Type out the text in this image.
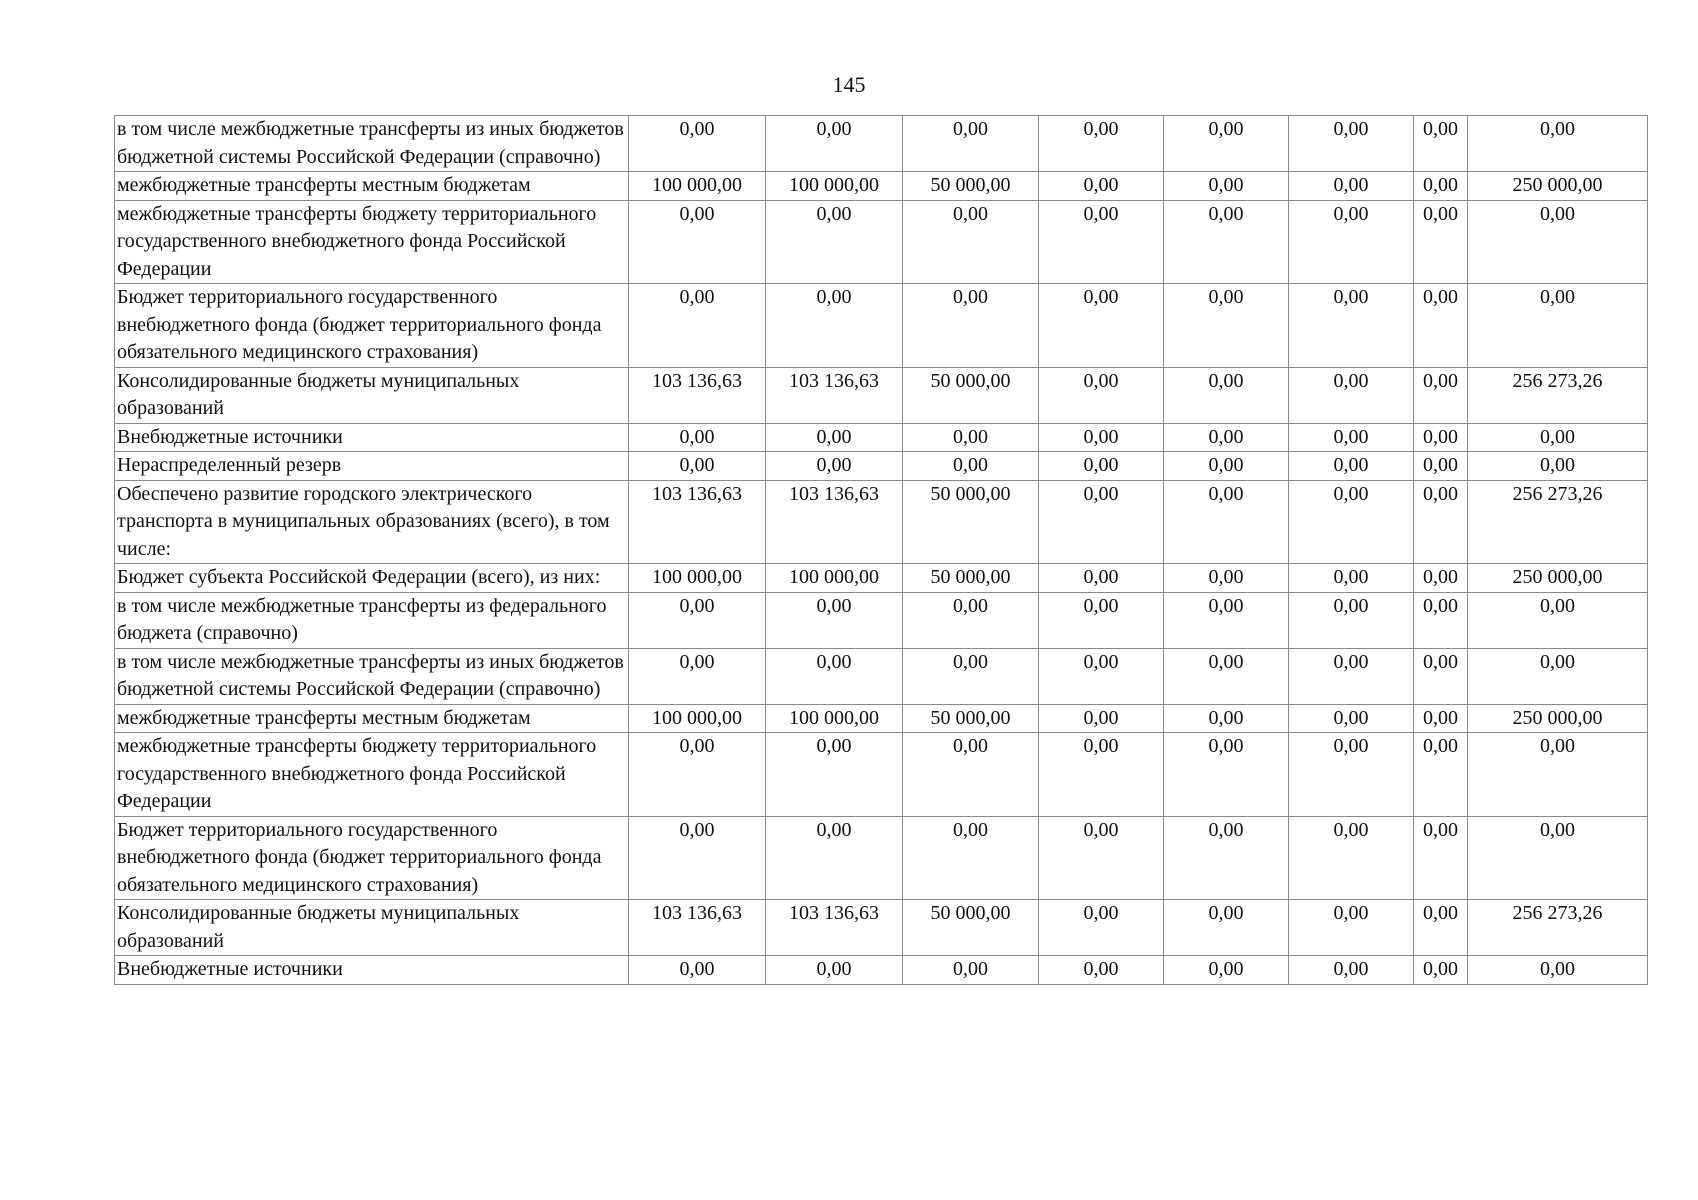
145
в том числе межбюджетные трансферты из иных бюджетов бюджетной системы Российской Федерации (справочно)	0,00	0,00	0,00	0,00	0,00	0,00	0,00	0,00
межбюджетные трансферты местным бюджетам	100 000,00	100 000,00	50 000,00	0,00	0,00	0,00	0,00	250 000,00
межбюджетные трансферты бюджету территориального государственного внебюджетного фонда Российской Федерации	0,00	0,00	0,00	0,00	0,00	0,00	0,00	0,00
Бюджет территориального государственного внебюджетного фонда (бюджет территориального фонда обязательного медицинского страхования)	0,00	0,00	0,00	0,00	0,00	0,00	0,00	0,00
Консолидированные бюджеты муниципальных образований	103 136,63	103 136,63	50 000,00	0,00	0,00	0,00	0,00	256 273,26
Внебюджетные источники	0,00	0,00	0,00	0,00	0,00	0,00	0,00	0,00
Нераспределенный резерв	0,00	0,00	0,00	0,00	0,00	0,00	0,00	0,00
Обеспечено развитие городского электрического транспорта в муниципальных образованиях (всего), в том числе:	103 136,63	103 136,63	50 000,00	0,00	0,00	0,00	0,00	256 273,26
Бюджет субъекта Российской Федерации (всего), из них:	100 000,00	100 000,00	50 000,00	0,00	0,00	0,00	0,00	250 000,00
в том числе межбюджетные трансферты из федерального бюджета (справочно)	0,00	0,00	0,00	0,00	0,00	0,00	0,00	0,00
в том числе межбюджетные трансферты из иных бюджетов бюджетной системы Российской Федерации (справочно)	0,00	0,00	0,00	0,00	0,00	0,00	0,00	0,00
межбюджетные трансферты местным бюджетам	100 000,00	100 000,00	50 000,00	0,00	0,00	0,00	0,00	250 000,00
межбюджетные трансферты бюджету территориального государственного внебюджетного фонда Российской Федерации	0,00	0,00	0,00	0,00	0,00	0,00	0,00	0,00
Бюджет территориального государственного внебюджетного фонда (бюджет территориального фонда обязательного медицинского страхования)	0,00	0,00	0,00	0,00	0,00	0,00	0,00	0,00
Консолидированные бюджеты муниципальных образований	103 136,63	103 136,63	50 000,00	0,00	0,00	0,00	0,00	256 273,26
Внебюджетные источники	0,00	0,00	0,00	0,00	0,00	0,00	0,00	0,00
